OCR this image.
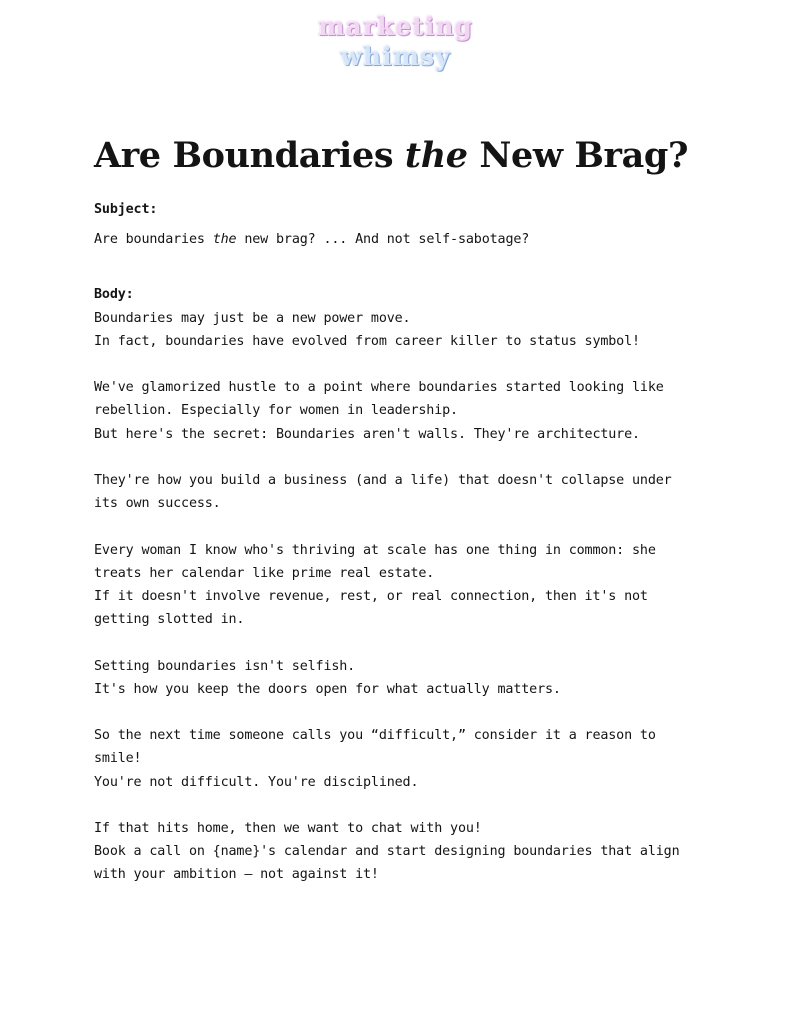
marketing
whimsy
Are Boundaries the New Brag?

Subject:

Are boundaries the new brag? ... And not self-sabotage?

Body:

Boundaries may just be a new power move.

In fact, boundaries have evolved from career killer to status symbol!

We've glamorized hustle to a point where boundaries started looking like

rebellion. Especially for women in leadership.

But here's the secret: Boundaries aren't walls. They're architecture.

They're how you build a business (and a life) that doesn't collapse under

its own success.

Every woman I know who's thriving at scale has one thing in common: she

treats her calendar like prime real estate.

If it doesn't involve revenue, rest, or real connection, then it's not

getting slotted in.

Setting boundaries isn't selfish.

It's how you keep the doors open for what actually matters.

So the next time someone calls you “difficult,” consider it a reason to

smile!

You're not difficult. You're disciplined.

If that hits home, then we want to chat with you!

Book a call on {name}'s calendar and start designing boundaries that align

with your ambition – not against it!
